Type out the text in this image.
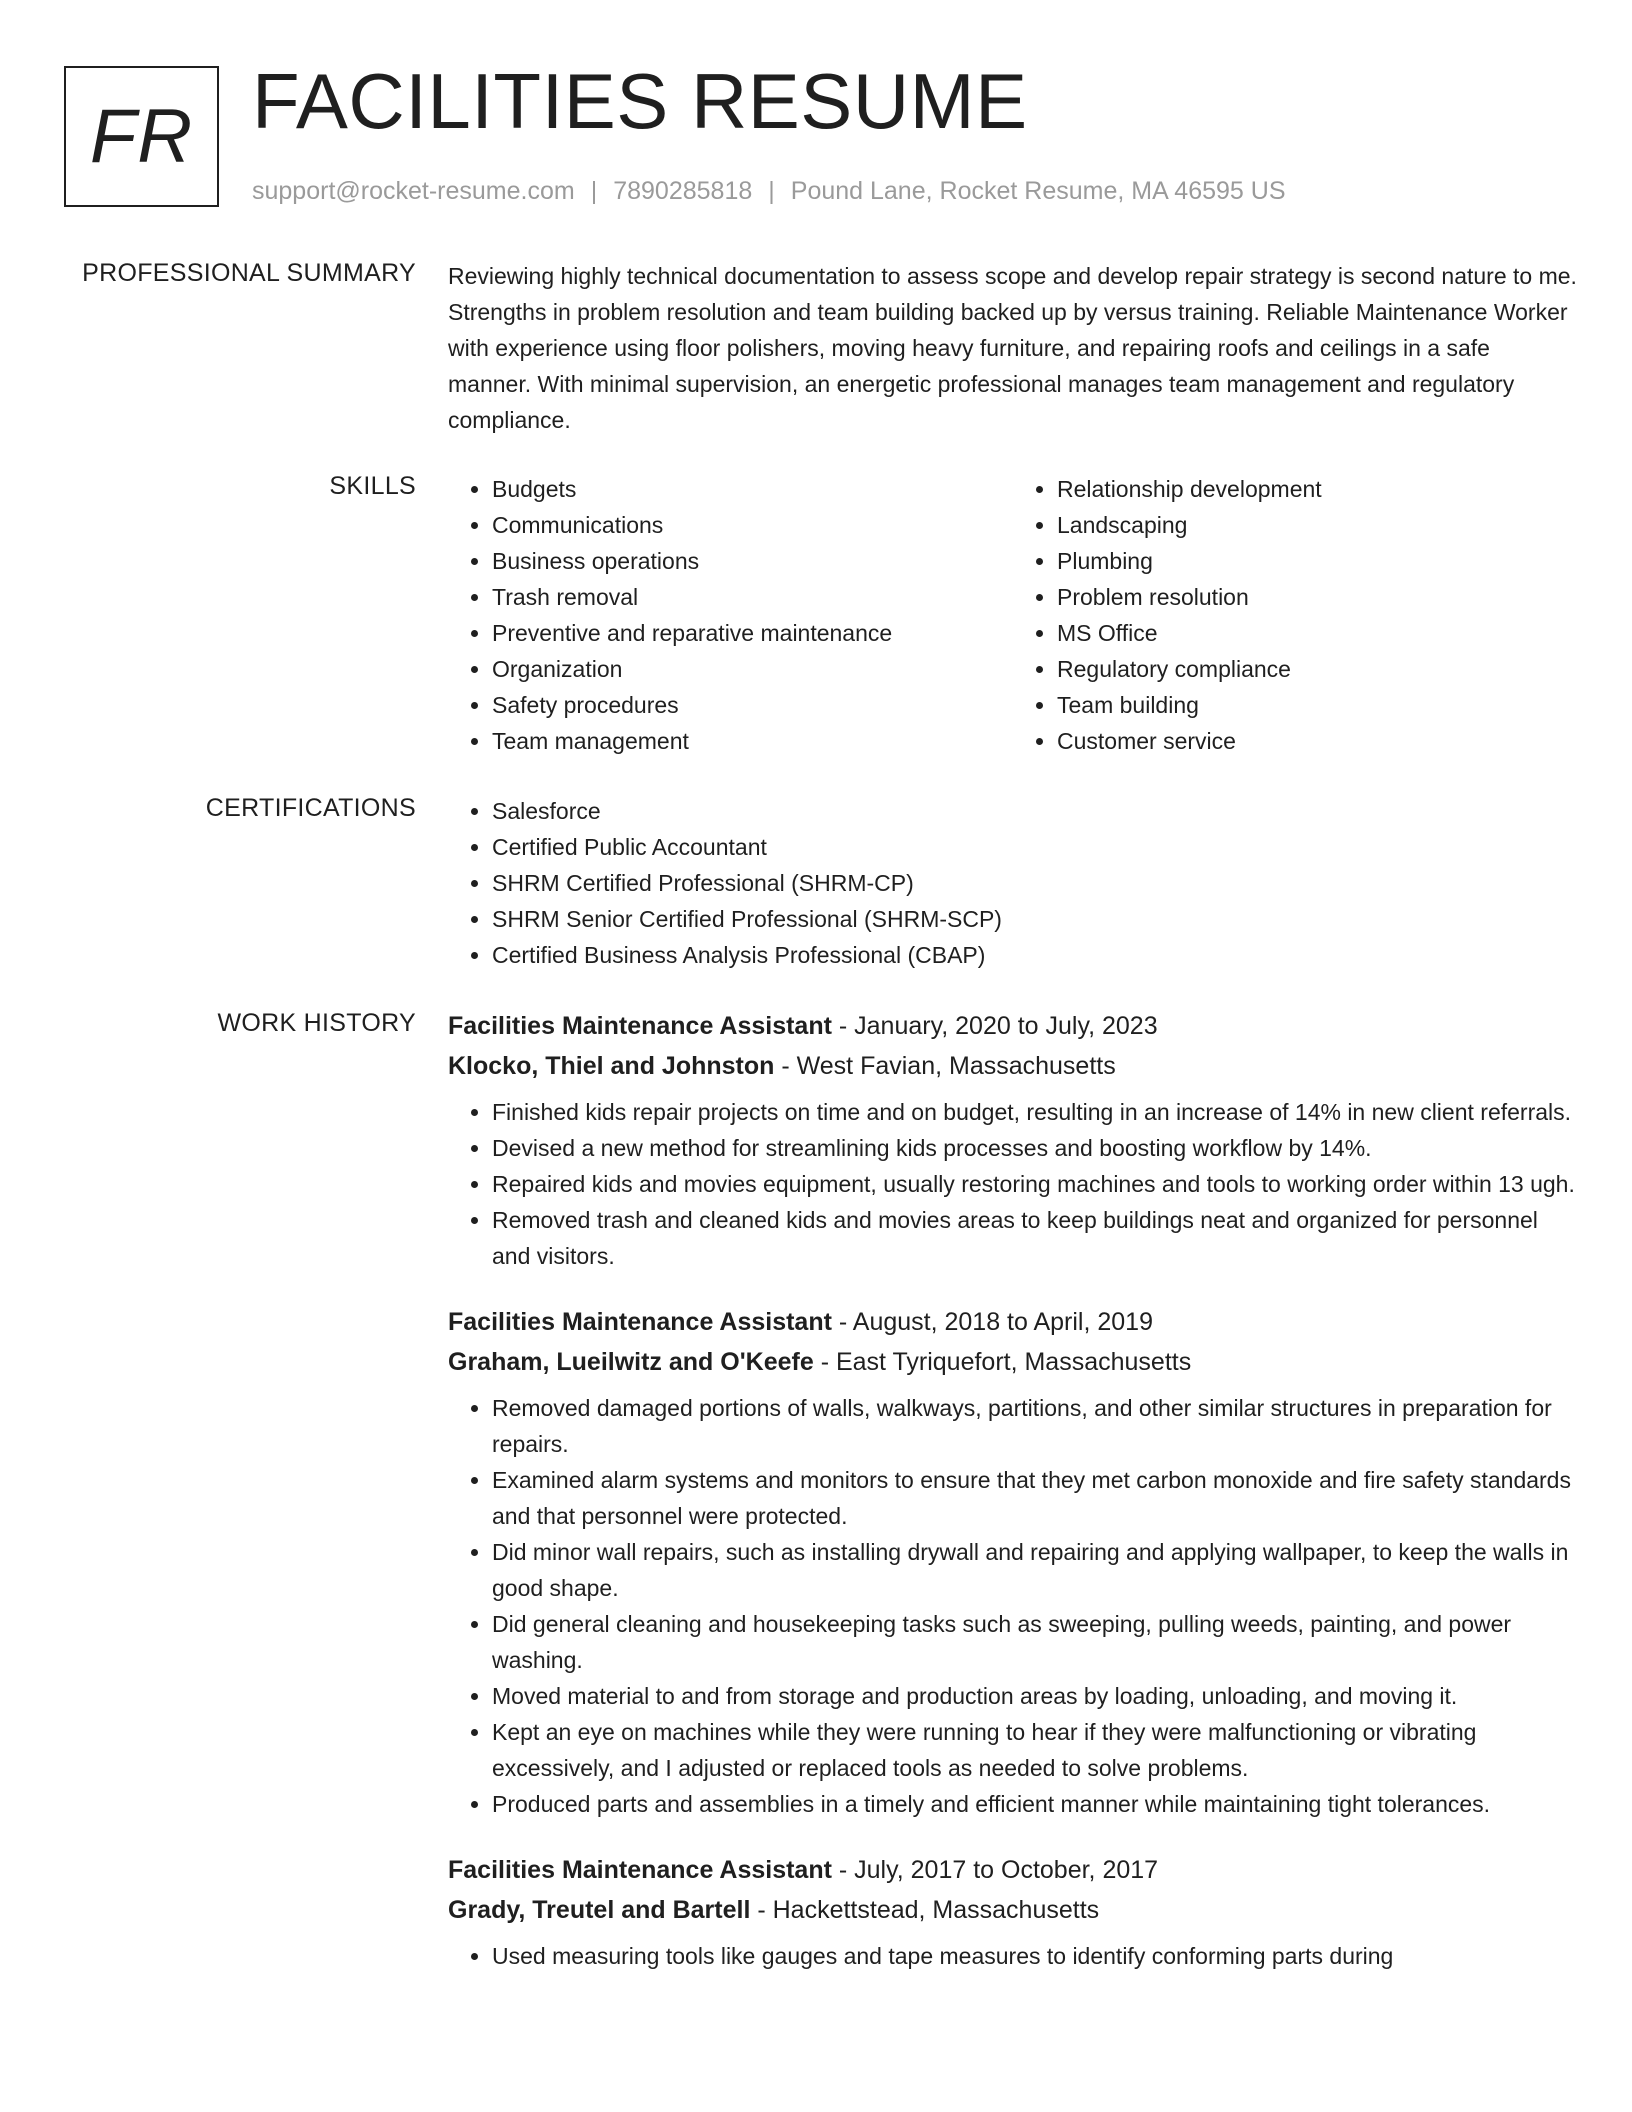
FR FACILITIES RESUME
support@rocket-resume.com | 7890285818 | Pound Lane, Rocket Resume, MA 46595 US
PROFESSIONAL SUMMARY Reviewing highly technical documentation to assess scope and develop repair strategy is second nature to me. Strengths in problem resolution and team building backed up by versus training. Reliable Maintenance Worker with experience using floor polishers, moving heavy furniture, and repairing roofs and ceilings in a safe manner. With minimal supervision, an energetic professional manages team management and regulatory compliance.

SKILLS	• Budgets
• Communications
• Business operations
• Trash removal
• Preventive and reparative maintenance
• Organization
• Safety procedures
• Team management
• Relationship development
• Landscaping
• Plumbing
• Problem resolution
• MS Office
• Regulatory compliance
• Team building
• Customer service
CERTIFICATIONS	• Salesforce
• Certified Public Accountant
• SHRM Certified Professional (SHRM-CP)
• SHRM Senior Certified Professional (SHRM-SCP)
• Certified Business Analysis Professional (CBAP)
WORK HISTORY Facilities Maintenance Assistant - January, 2020 to July, 2023
Klocko, Thiel and Johnston - West Favian, Massachusetts
• Finished kids repair projects on time and on budget, resulting in an increase of 14% in new client referrals.
• Devised a new method for streamlining kids processes and boosting workflow by 14%.
• Repaired kids and movies equipment, usually restoring machines and tools to working order within 13 ugh.
• Removed trash and cleaned kids and movies areas to keep buildings neat and organized for personnel and visitors.
Facilities Maintenance Assistant - August, 2018 to April, 2019
Graham, Lueilwitz and O'Keefe - East Tyriquefort, Massachusetts
• Removed damaged portions of walls, walkways, partitions, and other similar structures in preparation for repairs.
• Examined alarm systems and monitors to ensure that they met carbon monoxide and fire safety standards and that personnel were protected.
• Did minor wall repairs, such as installing drywall and repairing and applying wallpaper, to keep the walls in good shape.
• Did general cleaning and housekeeping tasks such as sweeping, pulling weeds, painting, and power washing.
• Moved material to and from storage and production areas by loading, unloading, and moving it.
• Kept an eye on machines while they were running to hear if they were malfunctioning or vibrating excessively, and I adjusted or replaced tools as needed to solve problems.
• Produced parts and assemblies in a timely and efficient manner while maintaining tight tolerances.
Facilities Maintenance Assistant - July, 2017 to October, 2017
Grady, Treutel and Bartell - Hackettstead, Massachusetts
• Used measuring tools like gauges and tape measures to identify conforming parts during
